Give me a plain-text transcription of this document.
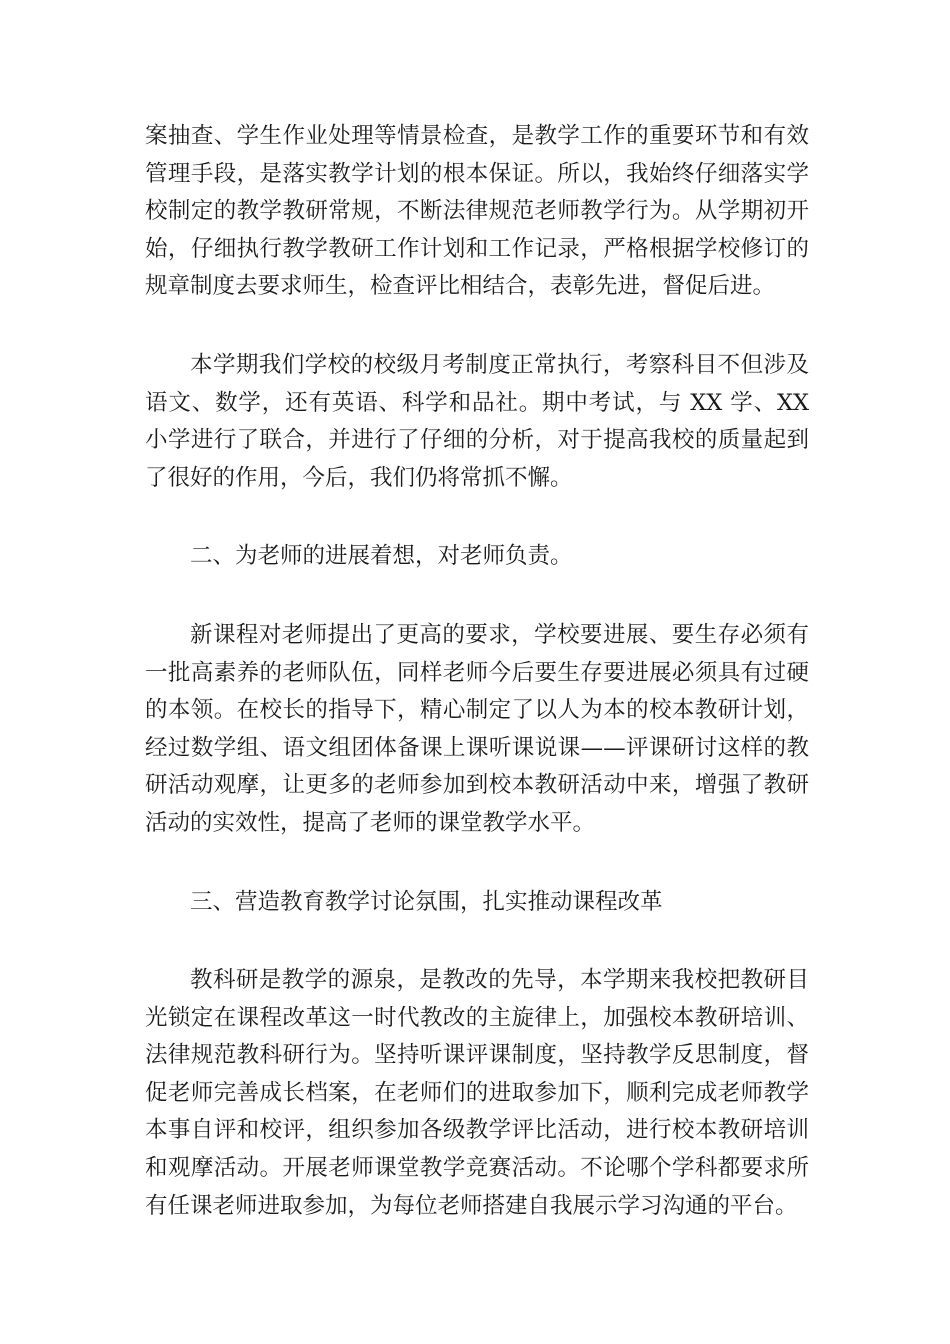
案抽查、学生作业处理等情景检查，是教学工作的重要环节和有效管理手段，是落实教学计划的根本保证。所以，我始终仔细落实学校制定的教学教研常规，不断法律规范老师教学行为。从学期初开始，仔细执行教学教研工作计划和工作记录，严格根据学校修订的规章制度去要求师生，检查评比相结合，表彰先进，督促后进。

本学期我们学校的校级月考制度正常执行，考察科目不但涉及语文、数学，还有英语、科学和品社。期中考试，与 XX 学、XX 小学进行了联合，并进行了仔细的分析，对于提高我校的质量起到了很好的作用，今后，我们仍将常抓不懈。

二、为老师的进展着想，对老师负责。

新课程对老师提出了更高的要求，学校要进展、要生存必须有一批高素养的老师队伍，同样老师今后要生存要进展必须具有过硬的本领。在校长的指导下，精心制定了以人为本的校本教研计划，经过数学组、语文组团体备课上课听课说课——评课研讨这样的教研活动观摩，让更多的老师参加到校本教研活动中来，增强了教研活动的实效性，提高了老师的课堂教学水平。

三、营造教育教学讨论氛围，扎实推动课程改革

教科研是教学的源泉，是教改的先导，本学期来我校把教研目光锁定在课程改革这一时代教改的主旋律上，加强校本教研培训、法律规范教科研行为。坚持听课评课制度，坚持教学反思制度，督促老师完善成长档案，在老师们的进取参加下，顺利完成老师教学本事自评和校评，组织参加各级教学评比活动，进行校本教研培训和观摩活动。开展老师课堂教学竞赛活动。不论哪个学科都要求所有任课老师进取参加，为每位老师搭建自我展示学习沟通的平台。
